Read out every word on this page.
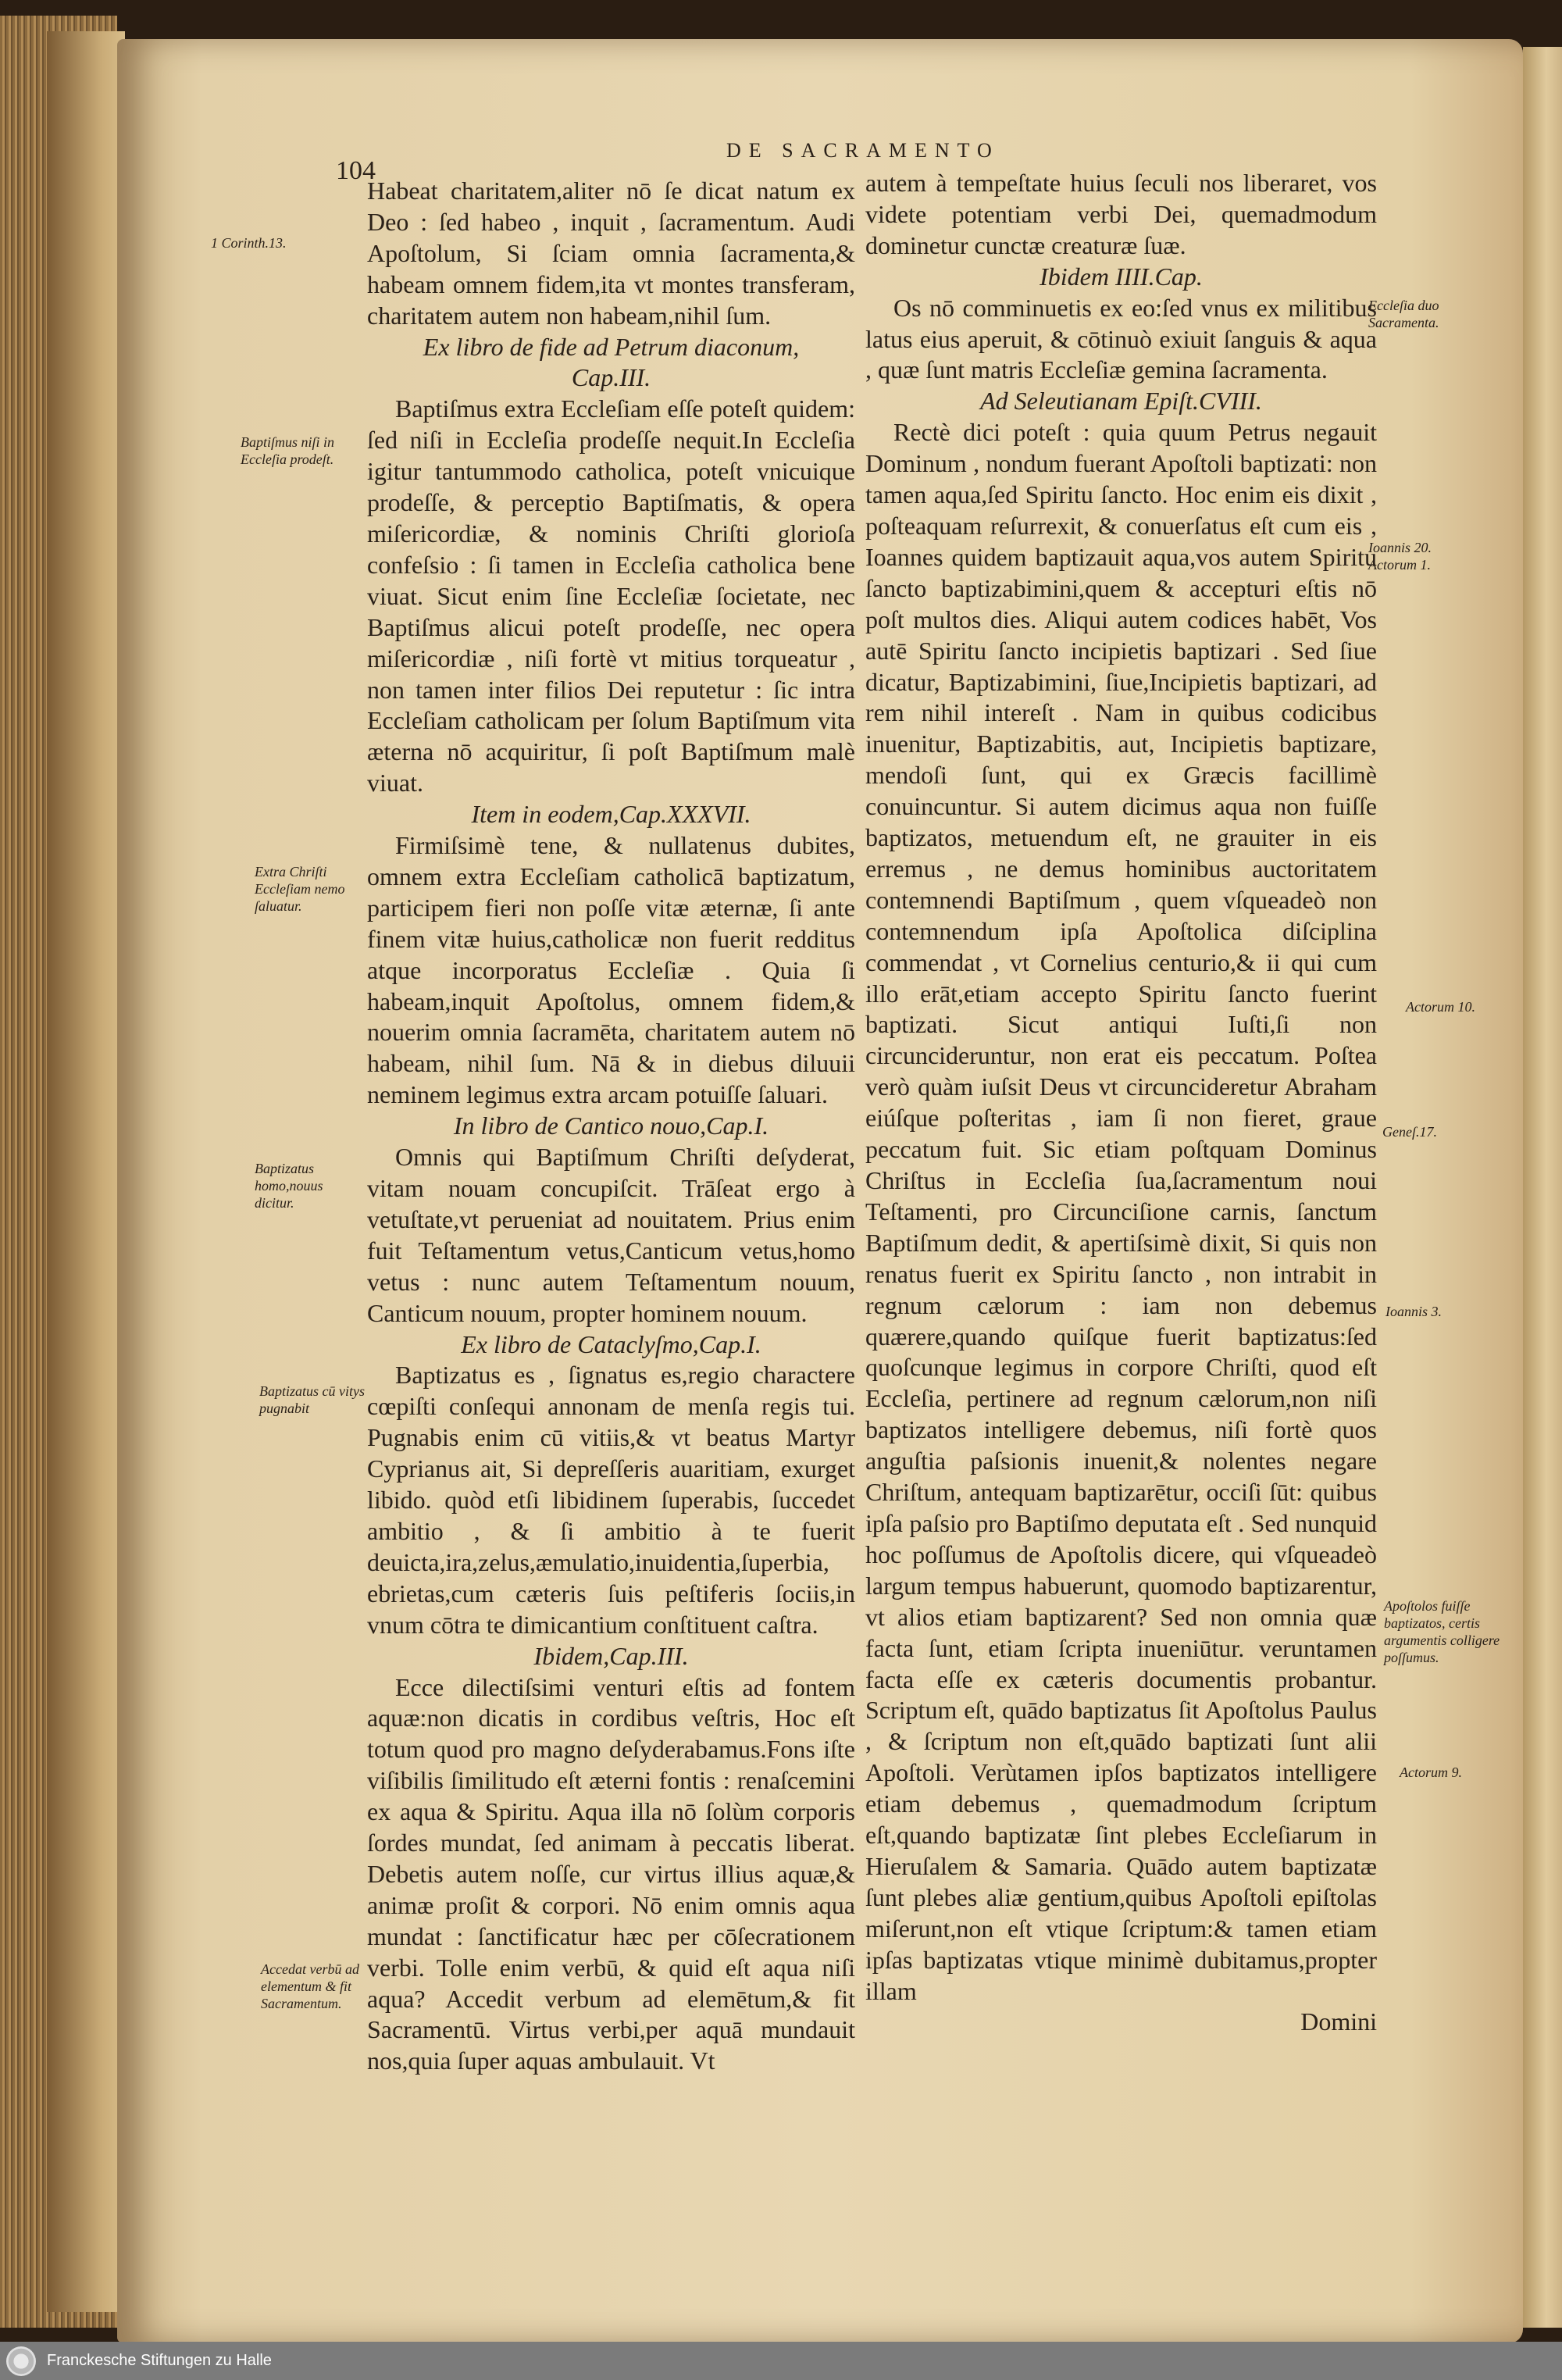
104
DE SACRAMENTO

Habeat charitatem,aliter nō ſe dicat natum ex Deo : ſed habeo , inquit , ſacramentum. Audi Apoſtolum, Si ſciam omnia ſacramenta,& habeam omnem fidem,ita vt montes transferam, charitatem autem non habeam,nihil ſum.

Ex libro de fide ad Petrum diaconum,

Cap.III.

Baptiſmus extra Eccleſiam eſſe poteſt quidem: ſed niſi in Eccleſia prodeſſe nequit.In Eccleſia igitur tantummodo catholica, poteſt vnicuique prodeſſe, & perceptio Baptiſmatis, & opera miſericordiæ, & nominis Chriſti glorioſa confeſsio : ſi tamen in Eccleſia catholica bene viuat. Sicut enim ſine Eccleſiæ ſocietate, nec Baptiſmus alicui poteſt prodeſſe, nec opera miſericordiæ , niſi fortè vt mitius torqueatur , non tamen inter filios Dei reputetur : ſic intra Eccleſiam catholicam per ſolum Baptiſmum vita æterna nō acquiritur, ſi poſt Baptiſmum malè viuat.

Item in eodem,Cap.XXXVII.

Firmiſsimè tene, & nullatenus dubites, omnem extra Eccleſiam catholicā baptizatum, participem fieri non poſſe vitæ æternæ, ſi ante finem vitæ huius,catholicæ non fuerit redditus atque incorporatus Eccleſiæ . Quia ſi habeam,inquit Apoſtolus, omnem fidem,& nouerim omnia ſacramēta, charitatem autem nō habeam, nihil ſum. Nā & in diebus diluuii neminem legimus extra arcam potuiſſe ſaluari.

In libro de Cantico nouo,Cap.I.

Omnis qui Baptiſmum Chriſti deſyderat, vitam nouam concupiſcit. Trāſeat ergo à vetuſtate,vt perueniat ad nouitatem. Prius enim fuit Teſtamentum vetus,Canticum vetus,homo vetus : nunc autem Teſtamentum nouum, Canticum nouum, propter hominem nouum.

Ex libro de Cataclyſmo,Cap.I.

Baptizatus es , ſignatus es,regio charactere cœpiſti conſequi annonam de menſa regis tui. Pugnabis enim cū vitiis,& vt beatus Martyr Cyprianus ait, Si depreſſeris auaritiam, exurget libido. quòd etſi libidinem ſuperabis, ſuccedet ambitio , & ſi ambitio à te fuerit deuicta,ira,zelus,æmulatio,inuidentia,ſuperbia, ebrietas,cum cæteris ſuis peſtiferis ſociis,in vnum cōtra te dimicantium conſtituent caſtra.

Ibidem,Cap.III.

Ecce dilectiſsimi venturi eſtis ad fontem aquæ:non dicatis in cordibus veſtris, Hoc eſt totum quod pro magno deſyderabamus.Fons iſte viſibilis ſimilitudo eſt æterni fontis : renaſcemini ex aqua & Spiritu. Aqua illa nō ſolùm corporis ſordes mundat, ſed animam à peccatis liberat. Debetis autem noſſe, cur virtus illius aquæ,& animæ proſit & corpori. Nō enim omnis aqua mundat : ſanctificatur hæc per cōſecrationem verbi. Tolle enim verbū, & quid eſt aqua niſi aqua? Accedit verbum ad elemētum,& fit Sacramentū. Virtus verbi,per aquā mundauit nos,quia ſuper aquas ambulauit. Vt

autem à tempeſtate huius ſeculi nos liberaret, vos videte potentiam verbi Dei, quemadmodum dominetur cunctæ creaturæ ſuæ.

Ibidem IIII.Cap.

Os nō comminuetis ex eo:ſed vnus ex militibus latus eius aperuit, & cōtinuò exiuit ſanguis & aqua , quæ ſunt matris Eccleſiæ gemina ſacramenta.

Ad Seleutianam Epiſt.CVIII.

Rectè dici poteſt : quia quum Petrus negauit Dominum , nondum fuerant Apoſtoli baptizati: non tamen aqua,ſed Spiritu ſancto. Hoc enim eis dixit , poſteaquam reſurrexit, & conuerſatus eſt cum eis , Ioannes quidem baptizauit aqua,vos autem Spiritu ſancto baptizabimini,quem & accepturi eſtis nō poſt multos dies. Aliqui autem codices habēt, Vos autē Spiritu ſancto incipietis baptizari . Sed ſiue dicatur, Baptizabimini, ſiue,Incipietis baptizari, ad rem nihil intereſt . Nam in quibus codicibus inuenitur, Baptizabitis, aut, Incipietis baptizare, mendoſi ſunt, qui ex Græcis facillimè conuincuntur. Si autem dicimus aqua non fuiſſe baptizatos, metuendum eſt, ne grauiter in eis erremus , ne demus hominibus auctoritatem contemnendi Baptiſmum , quem vſqueadeò non contemnendum ipſa Apoſtolica diſciplina commendat , vt Cornelius centurio,& ii qui cum illo erāt,etiam accepto Spiritu ſancto fuerint baptizati. Sicut antiqui Iuſti,ſi non circuncideruntur, non erat eis peccatum. Poſtea verò quàm iuſsit Deus vt circuncideretur Abraham eiúſque poſteritas , iam ſi non fieret, graue peccatum fuit. Sic etiam poſtquam Dominus Chriſtus in Eccleſia ſua,ſacramentum noui Teſtamenti, pro Circunciſione carnis, ſanctum Baptiſmum dedit, & apertiſsimè dixit, Si quis non renatus fuerit ex Spiritu ſancto , non intrabit in regnum cælorum : iam non debemus quærere,quando quiſque fuerit baptizatus:ſed quoſcunque legimus in corpore Chriſti, quod eſt Eccleſia, pertinere ad regnum cælorum,non niſi baptizatos intelligere debemus, niſi fortè quos anguſtia paſsionis inuenit,& nolentes negare Chriſtum, antequam baptizarētur, occiſi ſūt: quibus ipſa paſsio pro Baptiſmo deputata eſt . Sed nunquid hoc poſſumus de Apoſtolis dicere, qui vſqueadeò largum tempus habuerunt, quomodo baptizarentur, vt alios etiam baptizarent? Sed non omnia quæ facta ſunt, etiam ſcripta inueniūtur. veruntamen facta eſſe ex cæteris documentis probantur. Scriptum eſt, quādo baptizatus ſit Apoſtolus Paulus , & ſcriptum non eſt,quādo baptizati ſunt alii Apoſtoli. Verùtamen ipſos baptizatos intelligere etiam debemus , quemadmodum ſcriptum eſt,quando baptizatæ ſint plebes Eccleſiarum in Hieruſalem & Samaria. Quādo autem baptizatæ ſunt plebes aliæ gentium,quibus Apoſtoli epiſtolas miſerunt,non eſt vtique ſcriptum:& tamen etiam ipſas baptizatas vtique minimè dubitamus,propter illam

Domini

1 Corinth.13.
Baptiſmus niſi in Eccleſia prodeſt.
Extra Chriſti Eccleſiam nemo ſaluatur.
Baptizatus homo,nouus dicitur.
Baptizatus cū vitys pugnabit
Accedat verbū ad elementum & fit Sacramentum.
Eccleſia duo Sacramenta.
Ioannis 20. Actorum 1.
Actorum 10.
Geneſ.17.
Ioannis 3.
Apoſtolos fuiſſe baptizatos, certis argumentis colligere poſſumus.
Actorum 9.
Franckesche Stiftungen zu Halle
